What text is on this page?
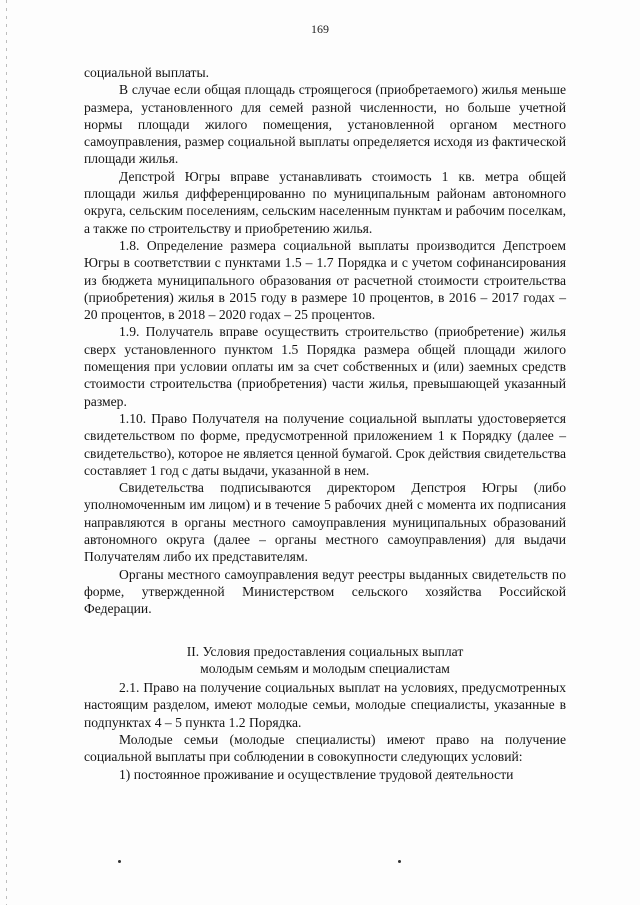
169

социальной выплаты.

В случае если общая площадь строящегося (приобретаемого) жилья меньше размера, установленного для семей разной численности, но больше учетной нормы площади жилого помещения, установленной органом местного самоуправления, размер социальной выплаты определяется исходя из фактической площади жилья.

Депстрой Югры вправе устанавливать стоимость 1 кв. метра общей площади жилья дифференцированно по муниципальным районам автономного округа, сельским поселениям, сельским населенным пунктам и рабочим поселкам, а также по строительству и приобретению жилья.

1.8. Определение размера социальной выплаты производится Депстроем Югры в соответствии с пунктами 1.5 – 1.7 Порядка и с учетом софинансирования из бюджета муниципального образования от расчетной стоимости строительства (приобретения) жилья в 2015 году в размере 10 процентов, в 2016 – 2017 годах – 20 процентов, в 2018 – 2020 годах – 25 процентов.

1.9. Получатель вправе осуществить строительство (приобретение) жилья сверх установленного пунктом 1.5 Порядка размера общей площади жилого помещения при условии оплаты им за счет собственных и (или) заемных средств стоимости строительства (приобретения) части жилья, превышающей указанный размер.

1.10. Право Получателя на получение социальной выплаты удостоверяется свидетельством по форме, предусмотренной приложением 1 к Порядку (далее – свидетельство), которое не является ценной бумагой. Срок действия свидетельства составляет 1 год с даты выдачи, указанной в нем.

Свидетельства подписываются директором Депстроя Югры (либо уполномоченным им лицом) и в течение 5 рабочих дней с момента их подписания направляются в органы местного самоуправления муниципальных образований автономного округа (далее – органы местного самоуправления) для выдачи Получателям либо их представителям.

Органы местного самоуправления ведут реестры выданных свидетельств по форме, утвержденной Министерством сельского хозяйства Российской Федерации.

II. Условия предоставления социальных выплат
молодым семьям и молодым специалистам

2.1. Право на получение социальных выплат на условиях, предусмотренных настоящим разделом, имеют молодые семьи, молодые специалисты, указанные в подпунктах 4 – 5 пункта 1.2 Порядка.

Молодые семьи (молодые специалисты) имеют право на получение социальной выплаты при соблюдении в совокупности следующих условий:

1) постоянное проживание и осуществление трудовой деятельности
